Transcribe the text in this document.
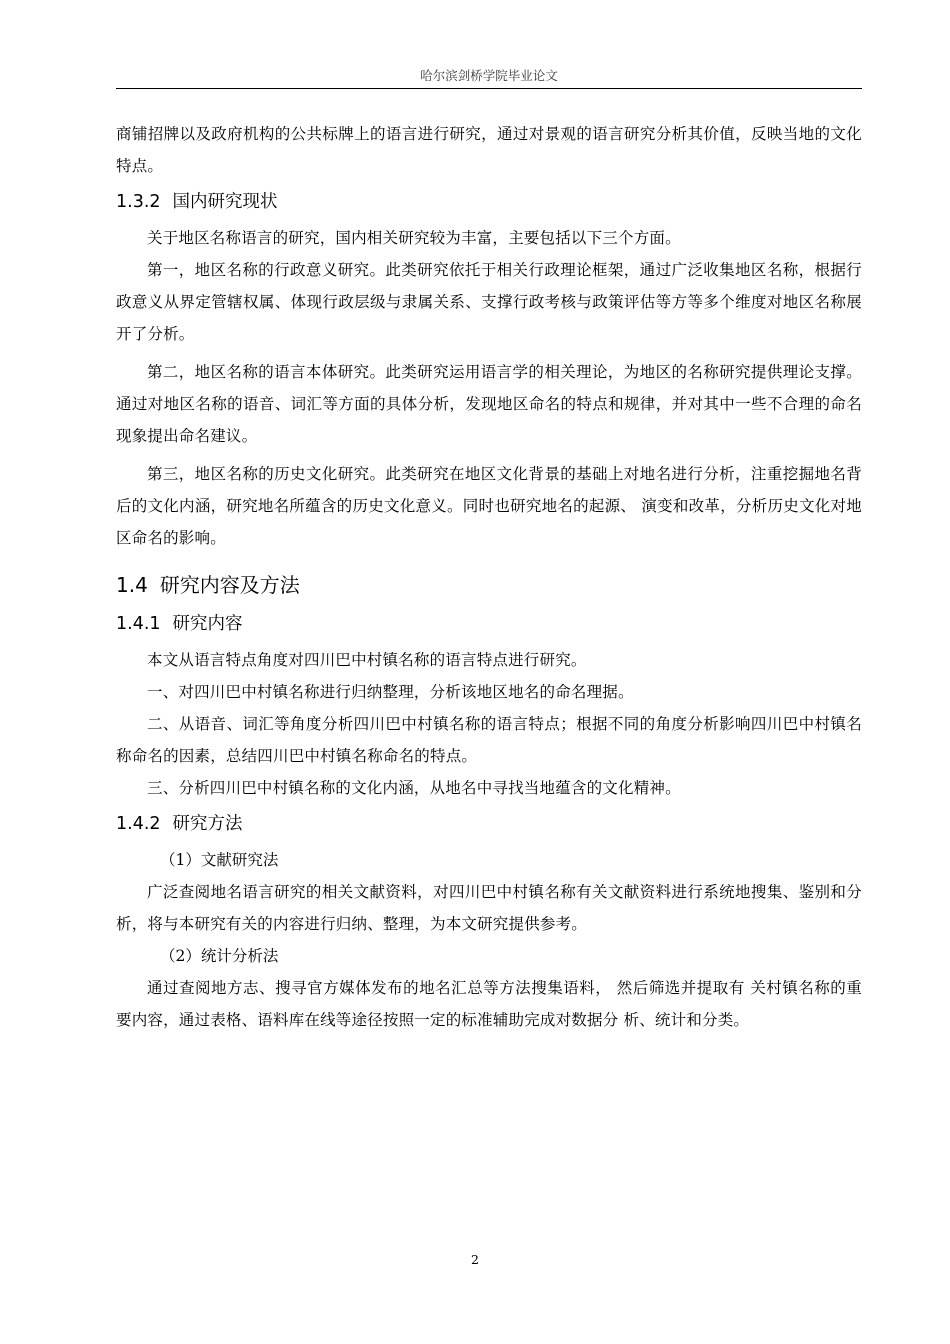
哈尔滨剑桥学院毕业论文

商铺招牌以及政府机构的公共标牌上的语言进行研究，通过对景观的语言研究分析其价值，反映当地的文化特点。

1.3.2 国内研究现状

关于地区名称语言的研究，国内相关研究较为丰富，主要包括以下三个方面。

第一，地区名称的行政意义研究。此类研究依托于相关行政理论框架，通过广泛收集地区名称，根据行政意义从界定管辖权属、体现行政层级与隶属关系、支撑行政考核与政策评估等方等多个维度对地区名称展开了分析。

第二，地区名称的语言本体研究。此类研究运用语言学的相关理论，为地区的名称研究提供理论支撑。通过对地区名称的语音、词汇等方面的具体分析，发现地区命名的特点和规律，并对其中一些不合理的命名现象提出命名建议。

第三，地区名称的历史文化研究。此类研究在地区文化背景的基础上对地名进行分析，注重挖掘地名背后的文化内涵，研究地名所蕴含的历史文化意义。同时也研究地名的起源、 演变和改革，分析历史文化对地区命名的影响。

1.4 研究内容及方法
1.4.1 研究内容

本文从语言特点角度对四川巴中村镇名称的语言特点进行研究。

一、对四川巴中村镇名称进行归纳整理，分析该地区地名的命名理据。

二、从语音、词汇等角度分析四川巴中村镇名称的语言特点；根据不同的角度分析影响四川巴中村镇名称命名的因素，总结四川巴中村镇名称命名的特点。

三、分析四川巴中村镇名称的文化内涵，从地名中寻找当地蕴含的文化精神。

1.4.2 研究方法

（1）文献研究法

广泛查阅地名语言研究的相关文献资料，对四川巴中村镇名称有关文献资料进行系统地搜集、鉴别和分析，将与本研究有关的内容进行归纳、整理，为本文研究提供参考。

（2）统计分析法

通过查阅地方志、搜寻官方媒体发布的地名汇总等方法搜集语料， 然后筛选并提取有 关村镇名称的重要内容，通过表格、语料库在线等途径按照一定的标准辅助完成对数据分 析、统计和分类。

2
